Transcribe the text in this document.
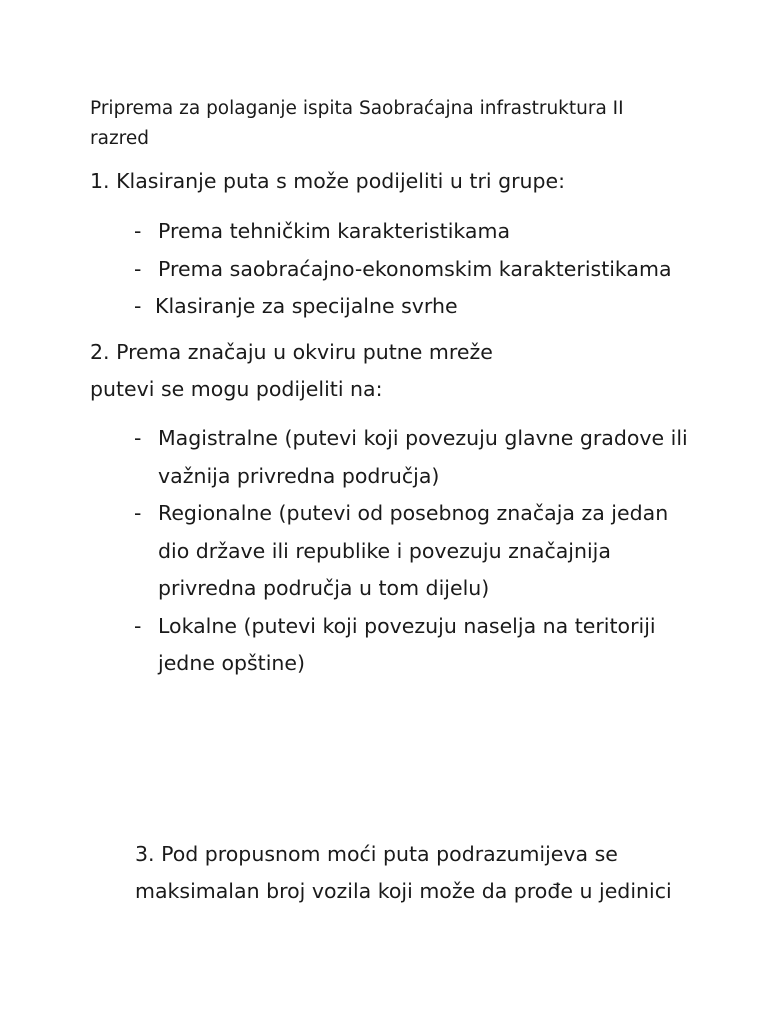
Priprema za polaganje ispita Saobraćajna infrastruktura II razred
1. Klasiranje puta s može podijeliti u tri grupe:
- Prema tehničkim karakteristikama
- Prema saobraćajno-ekonomskim karakteristikama
- Klasiranje za specijalne svrhe
2. Prema značaju u okviru putne mreže
putevi se mogu podijeliti na:
- Magistralne (putevi koji povezuju glavne gradove ili
važnija privredna područja)
- Regionalne (putevi od posebnog značaja za jedan
dio države ili republike i povezuju značajnija
privredna područja u tom dijelu)
- Lokalne (putevi koji povezuju naselja na teritoriji
jedne opštine)
3. Pod propusnom moći puta podrazumijeva se
maksimalan broj vozila koji može da prođe u jedinici
